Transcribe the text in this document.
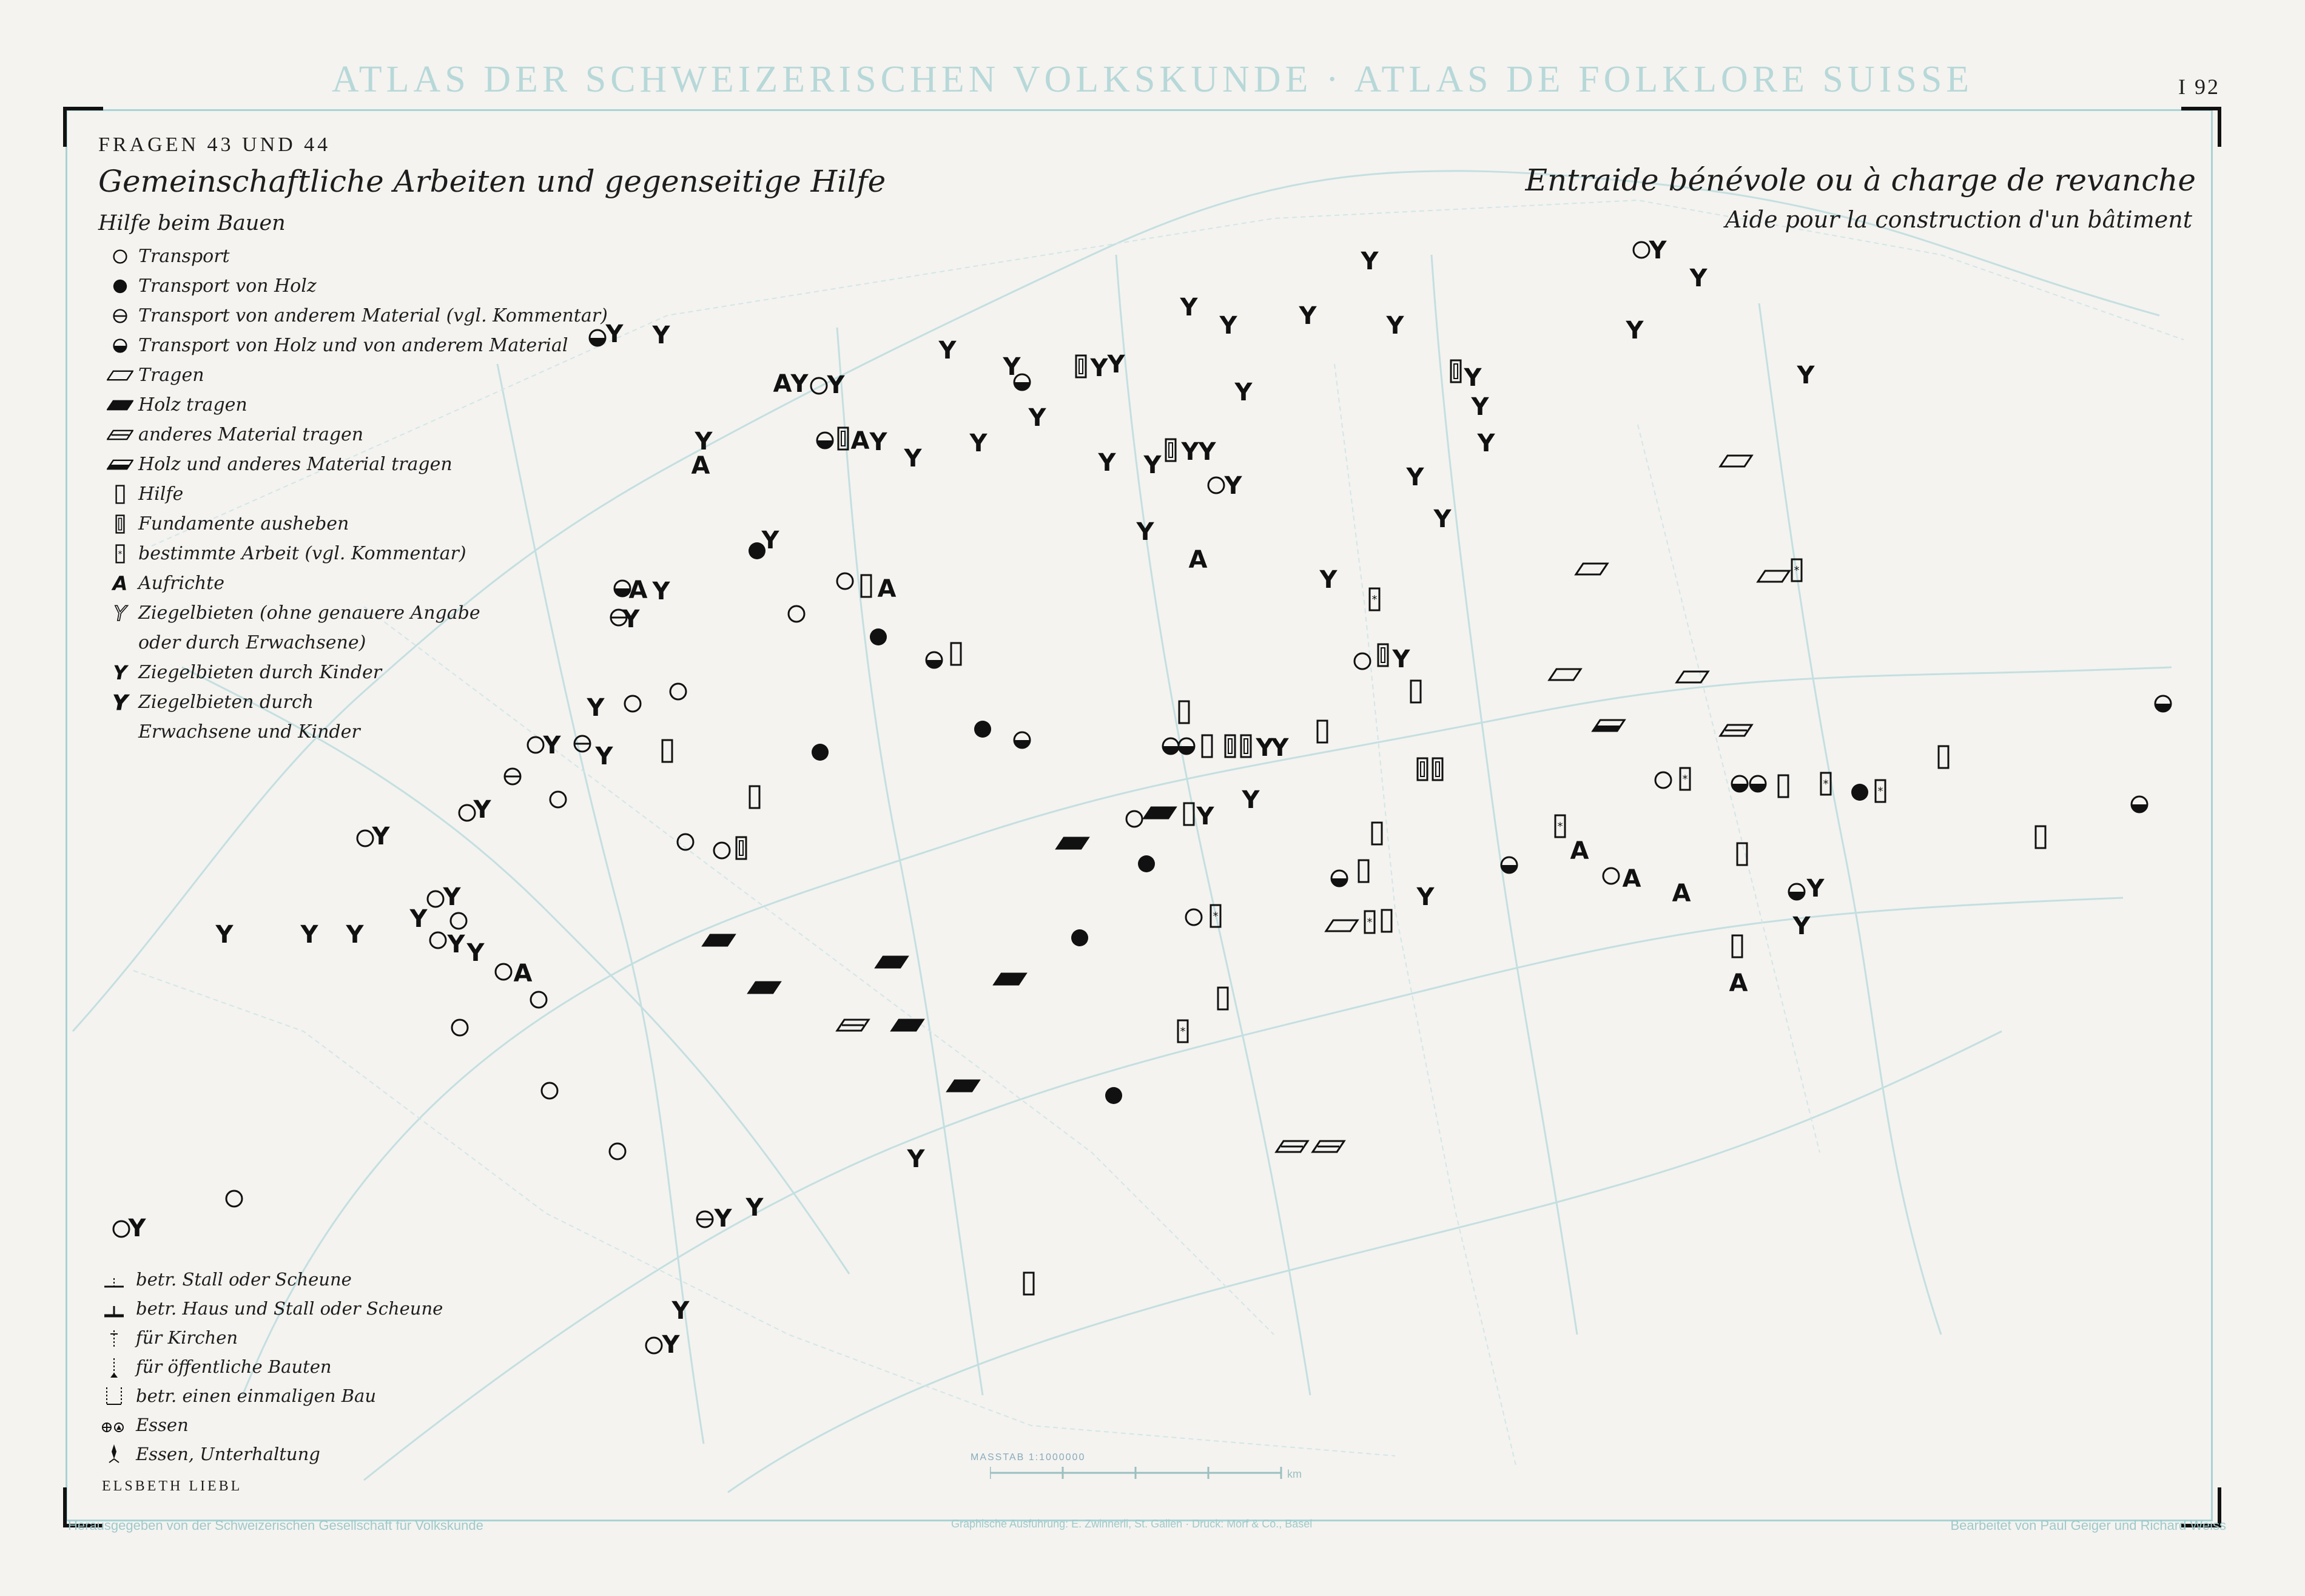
ATLAS DER SCHWEIZERISCHEN VOLKSKUNDE · ATLAS DE FOLKLORE SUISSE	I 92
FRAGEN 43 UND 44
Gemeinschaftliche Arbeiten und gegenseitige Hilfe
Hilfe beim Bauen
Entraide bénévole ou à charge de revanche
Aide pour la construction d'un bâtiment
Transport
Transport von Holz
Transport von anderem Material (vgl. Kommentar)
Transport von Holz und von anderem Material
Tragen
Holz tragen
anderes Material tragen
Holz und anderes Material tragen
Hilfe
Fundamente ausheben
* bestimmte Arbeit (vgl. Kommentar)
A Aufrichte
Y Ziegelbieten (ohne genauere Angabe
oder durch Erwachsene)
Y Ziegelbieten durch Kinder
Y Ziegelbieten durch
Erwachsene und Kinder
betr. Stall oder Scheune
betr. Haus und Stall oder Scheune
für Kirchen
für öffentliche Bauten
betr. einen einmaligen Bau
Essen
Essen, Unterhaltung
ELSBETH LIEBL
MASSTAB 1:1000000
km
Herausgegeben von der Schweizerischen Gesellschaft für Volkskunde	Graphische Ausführung: E. Zwinnerli, St. Gallen · Druck: Morf & Co., Basel	Bearbeitet von Paul Geiger und Richard Weiss
Y Y
A
Y Y
Y
Y
Y
Y Y
Y
A
A Y
Y
Y
Y Y Y Y
Y
Y
Y	Y	Y
Y
Y
Y
Y
Y
Y
Y
Y
Y
Y
Y
Y
A
Y
A
A Y
Y
Y
*
Y
*
Y
Y Y	Y
Y
Y
Y
Y
Y	*
A
A
A
*	*
*
*
Y	Y
Y
A
Y	Y Y
Y
Y
Y Y
A
*
*
Y
Y	Y Y
Y
Y
